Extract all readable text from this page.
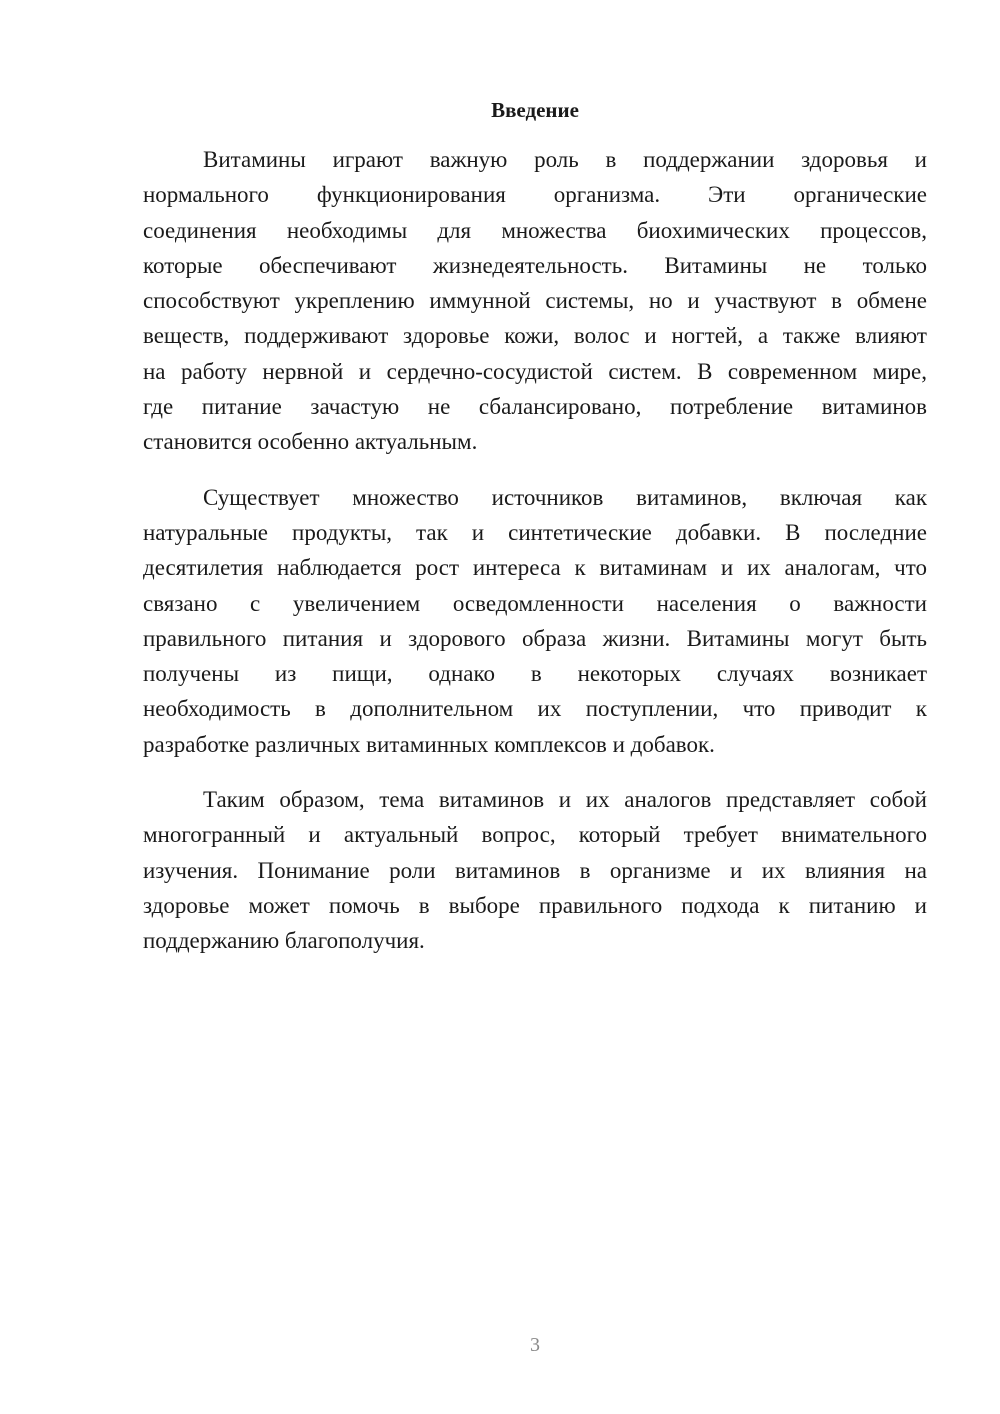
Введение
Витамины играют важную роль в поддержании здоровья и
нормального функционирования организма. Эти органические
соединения необходимы для множества биохимических процессов,
которые обеспечивают жизнедеятельность. Витамины не только
способствуют укреплению иммунной системы, но и участвуют в обмене
веществ, поддерживают здоровье кожи, волос и ногтей, а также влияют
на работу нервной и сердечно-сосудистой систем. В современном мире,
где питание зачастую не сбалансировано, потребление витаминов
становится особенно актуальным.
Существует множество источников витаминов, включая как
натуральные продукты, так и синтетические добавки. В последние
десятилетия наблюдается рост интереса к витаминам и их аналогам, что
связано с увеличением осведомленности населения о важности
правильного питания и здорового образа жизни. Витамины могут быть
получены из пищи, однако в некоторых случаях возникает
необходимость в дополнительном их поступлении, что приводит к
разработке различных витаминных комплексов и добавок.
Таким образом, тема витаминов и их аналогов представляет собой
многогранный и актуальный вопрос, который требует внимательного
изучения. Понимание роли витаминов в организме и их влияния на
здоровье может помочь в выборе правильного подхода к питанию и
поддержанию благополучия.
3
